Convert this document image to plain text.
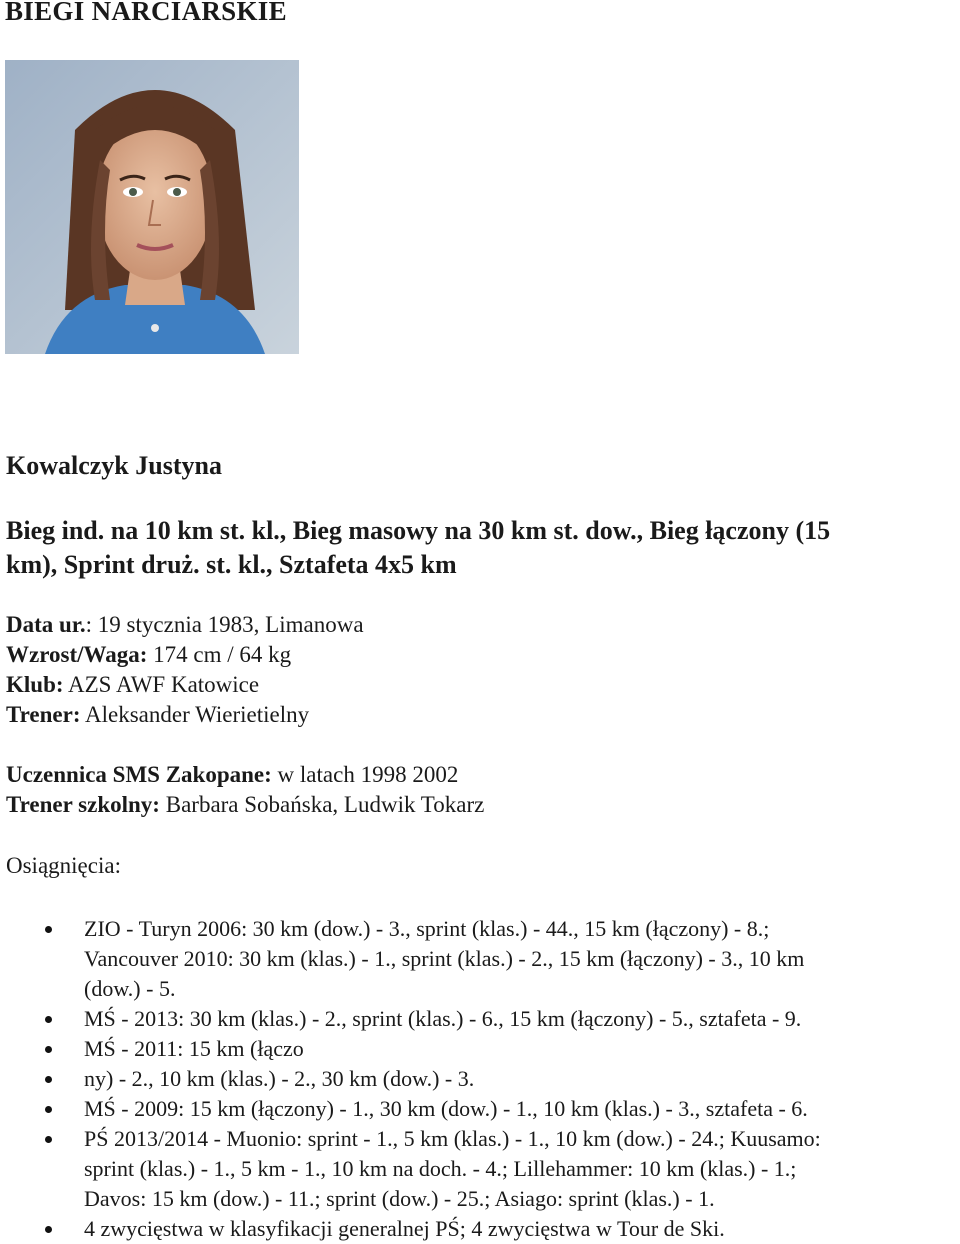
BIEGI NARCIARSKIE
Kowalczyk Justyna
Bieg ind. na 10 km st. kl., Bieg masowy na 30 km st. dow., Bieg łączony (15
km), Sprint druż. st. kl., Sztafeta 4x5 km
Data ur.: 19 stycznia 1983, Limanowa
Wzrost/Waga: 174 cm / 64 kg
Klub: AZS AWF Katowice
Trener: Aleksander Wierietielny
Uczennica SMS Zakopane: w latach 1998 2002
Trener szkolny: Barbara Sobańska, Ludwik Tokarz
Osiągnięcia:
ZIO - Turyn 2006: 30 km (dow.) - 3., sprint (klas.) - 44., 15 km (łączony) - 8.;
Vancouver 2010: 30 km (klas.) - 1., sprint (klas.) - 2., 15 km (łączony) - 3., 10 km
(dow.) - 5.
MŚ - 2013: 30 km (klas.) - 2., sprint (klas.) - 6., 15 km (łączony) - 5., sztafeta - 9.
MŚ - 2011: 15 km (łączo
ny) - 2., 10 km (klas.) - 2., 30 km (dow.) - 3.
MŚ - 2009: 15 km (łączony) - 1., 30 km (dow.) - 1., 10 km (klas.) - 3., sztafeta - 6.
PŚ 2013/2014 - Muonio: sprint - 1., 5 km (klas.) - 1., 10 km (dow.) - 24.; Kuusamo:
sprint (klas.) - 1., 5 km - 1., 10 km na doch. - 4.; Lillehammer: 10 km (klas.) - 1.;
Davos: 15 km (dow.) - 11.; sprint (dow.) - 25.; Asiago: sprint (klas.) - 1.
4 zwycięstwa w klasyfikacji generalnej PŚ; 4 zwycięstwa w Tour de Ski.
